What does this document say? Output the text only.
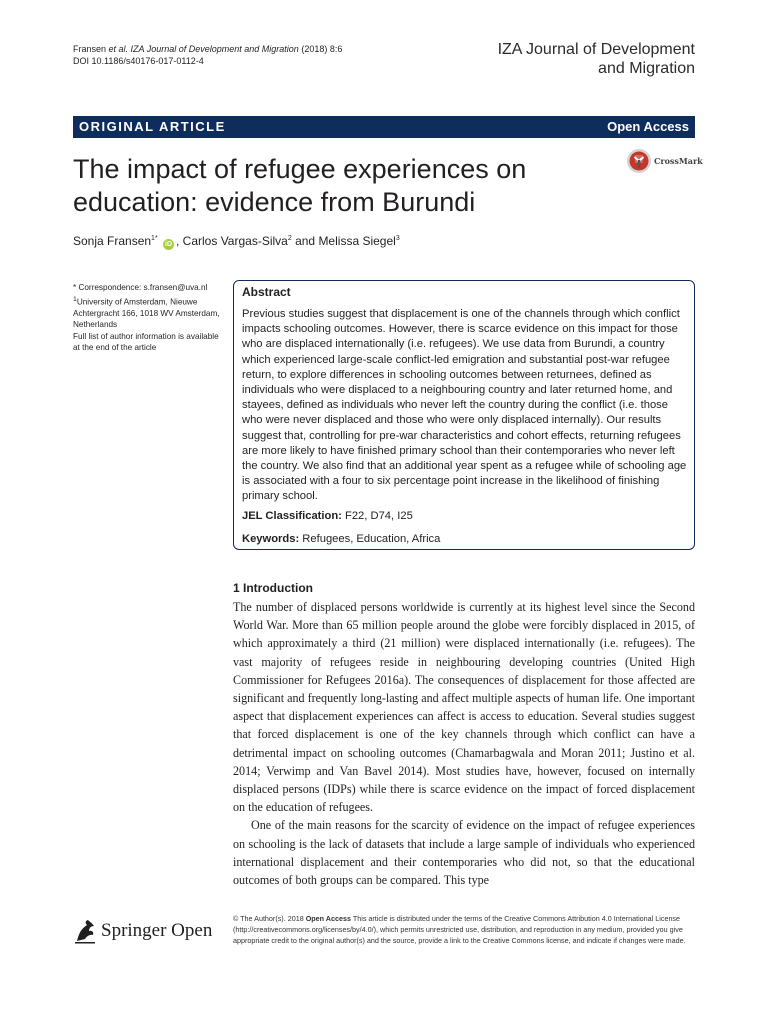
Fransen et al. IZA Journal of Development and Migration (2018) 8:6
DOI 10.1186/s40176-017-0112-4
IZA Journal of Development
and Migration
ORIGINAL ARTICLE	Open Access
CrossMark
The impact of refugee experiences on education: evidence from Burundi
Sonja Fransen$^{1*}$ iD , Carlos Vargas-Silva$^2$ and Melissa Siegel$^3$
* Correspondence: s.fransen@uva.nl
$^1$University of Amsterdam, Nieuwe Achtergracht 166, 1018 WV Amsterdam, Netherlands
Full list of author information is available at the end of the article
Abstract
Previous studies suggest that displacement is one of the channels through which conflict impacts schooling outcomes. However, there is scarce evidence on this impact for those who are displaced internationally (i.e. refugees). We use data from Burundi, a country which experienced large-scale conflict-led emigration and substantial post-war refugee return, to explore differences in schooling outcomes between returnees, defined as individuals who were displaced to a neighbouring country and later returned home, and stayees, defined as individuals who never left the country during the conflict (i.e. those who were never displaced and those who were only displaced internally). Our results suggest that, controlling for pre-war characteristics and cohort effects, returning refugees are more likely to have finished primary school than their contemporaries who never left the country. We also find that an additional year spent as a refugee while of schooling age is associated with a four to six percentage point increase in the likelihood of finishing primary school.
JEL Classification: F22, D74, I25
Keywords: Refugees, Education, Africa
1 Introduction

The number of displaced persons worldwide is currently at its highest level since the Second World War. More than 65 million people around the globe were forcibly displaced in 2015, of which approximately a third (21 million) were displaced internationally (i.e. refugees). The vast majority of refugees reside in neighbouring developing countries (United High Commissioner for Refugees 2016a). The consequences of displacement for those affected are significant and frequently long-lasting and affect multiple aspects of human life. One important aspect that displacement experiences can affect is access to education. Several studies suggest that forced displacement is one of the key channels through which conflict can have a detrimental impact on schooling outcomes (Chamarbagwala and Moran 2011; Justino et al. 2014; Verwimp and Van Bavel 2014). Most studies have, however, focused on internally displaced persons (IDPs) while there is scarce evidence on the impact of forced displacement on the education of refugees.

One of the main reasons for the scarcity of evidence on the impact of refugee experiences on schooling is the lack of datasets that include a large sample of individuals who experienced international displacement and their contemporaries who did not, so that the educational outcomes of both groups can be compared. This type

Springer Open
© The Author(s). 2018 Open Access This article is distributed under the terms of the Creative Commons Attribution 4.0 International License (http://creativecommons.org/licenses/by/4.0/), which permits unrestricted use, distribution, and reproduction in any medium, provided you give appropriate credit to the original author(s) and the source, provide a link to the Creative Commons license, and indicate if changes were made.
